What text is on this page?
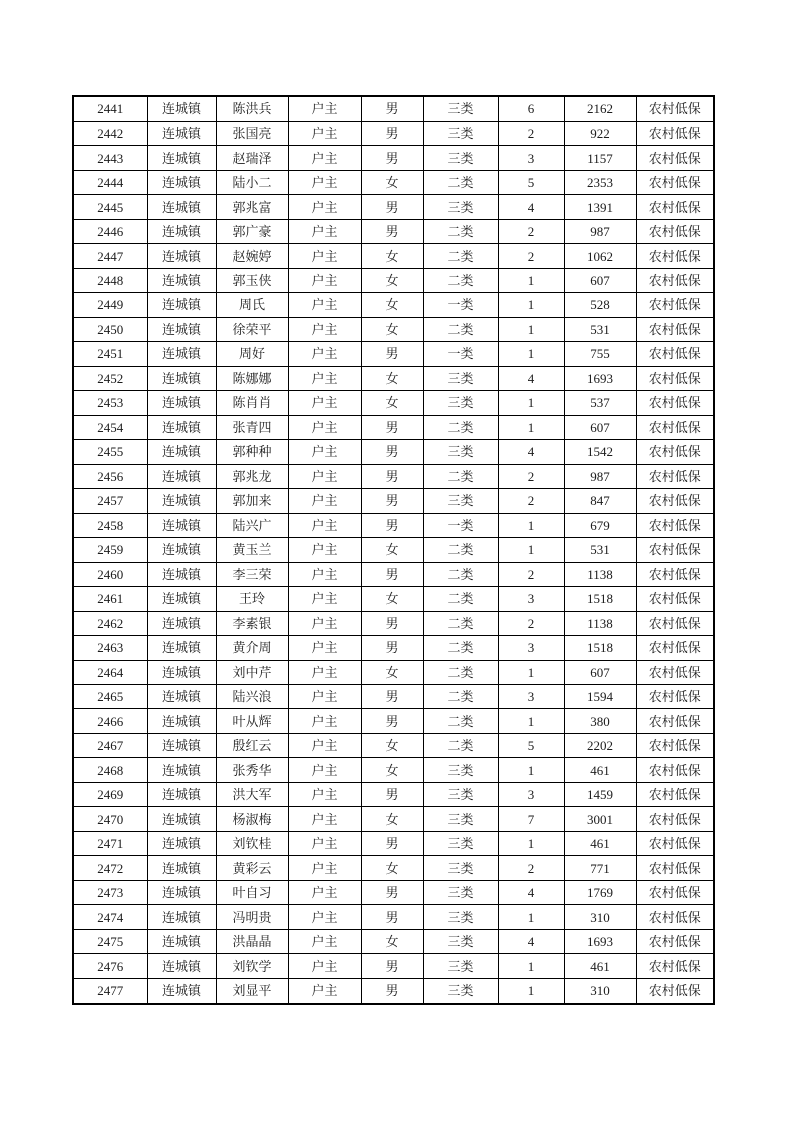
2441	连城镇	陈洪兵	户主	男	三类	6	2162	农村低保
2442	连城镇	张国亮	户主	男	三类	2	922	农村低保
2443	连城镇	赵瑞泽	户主	男	三类	3	1157	农村低保
2444	连城镇	陆小二	户主	女	二类	5	2353	农村低保
2445	连城镇	郭兆富	户主	男	三类	4	1391	农村低保
2446	连城镇	郭广豪	户主	男	二类	2	987	农村低保
2447	连城镇	赵婉婷	户主	女	二类	2	1062	农村低保
2448	连城镇	郭玉侠	户主	女	二类	1	607	农村低保
2449	连城镇	周氏	户主	女	一类	1	528	农村低保
2450	连城镇	徐荣平	户主	女	二类	1	531	农村低保
2451	连城镇	周好	户主	男	一类	1	755	农村低保
2452	连城镇	陈娜娜	户主	女	三类	4	1693	农村低保
2453	连城镇	陈肖肖	户主	女	三类	1	537	农村低保
2454	连城镇	张青四	户主	男	二类	1	607	农村低保
2455	连城镇	郭种种	户主	男	三类	4	1542	农村低保
2456	连城镇	郭兆龙	户主	男	二类	2	987	农村低保
2457	连城镇	郭加来	户主	男	三类	2	847	农村低保
2458	连城镇	陆兴广	户主	男	一类	1	679	农村低保
2459	连城镇	黄玉兰	户主	女	二类	1	531	农村低保
2460	连城镇	李三荣	户主	男	二类	2	1138	农村低保
2461	连城镇	王玲	户主	女	二类	3	1518	农村低保
2462	连城镇	李素银	户主	男	二类	2	1138	农村低保
2463	连城镇	黄介周	户主	男	二类	3	1518	农村低保
2464	连城镇	刘中芹	户主	女	二类	1	607	农村低保
2465	连城镇	陆兴浪	户主	男	二类	3	1594	农村低保
2466	连城镇	叶从辉	户主	男	二类	1	380	农村低保
2467	连城镇	殷红云	户主	女	二类	5	2202	农村低保
2468	连城镇	张秀华	户主	女	三类	1	461	农村低保
2469	连城镇	洪大军	户主	男	三类	3	1459	农村低保
2470	连城镇	杨淑梅	户主	女	三类	7	3001	农村低保
2471	连城镇	刘钦桂	户主	男	三类	1	461	农村低保
2472	连城镇	黄彩云	户主	女	三类	2	771	农村低保
2473	连城镇	叶自习	户主	男	三类	4	1769	农村低保
2474	连城镇	冯明贵	户主	男	三类	1	310	农村低保
2475	连城镇	洪晶晶	户主	女	三类	4	1693	农村低保
2476	连城镇	刘钦学	户主	男	三类	1	461	农村低保
2477	连城镇	刘显平	户主	男	三类	1	310	农村低保
